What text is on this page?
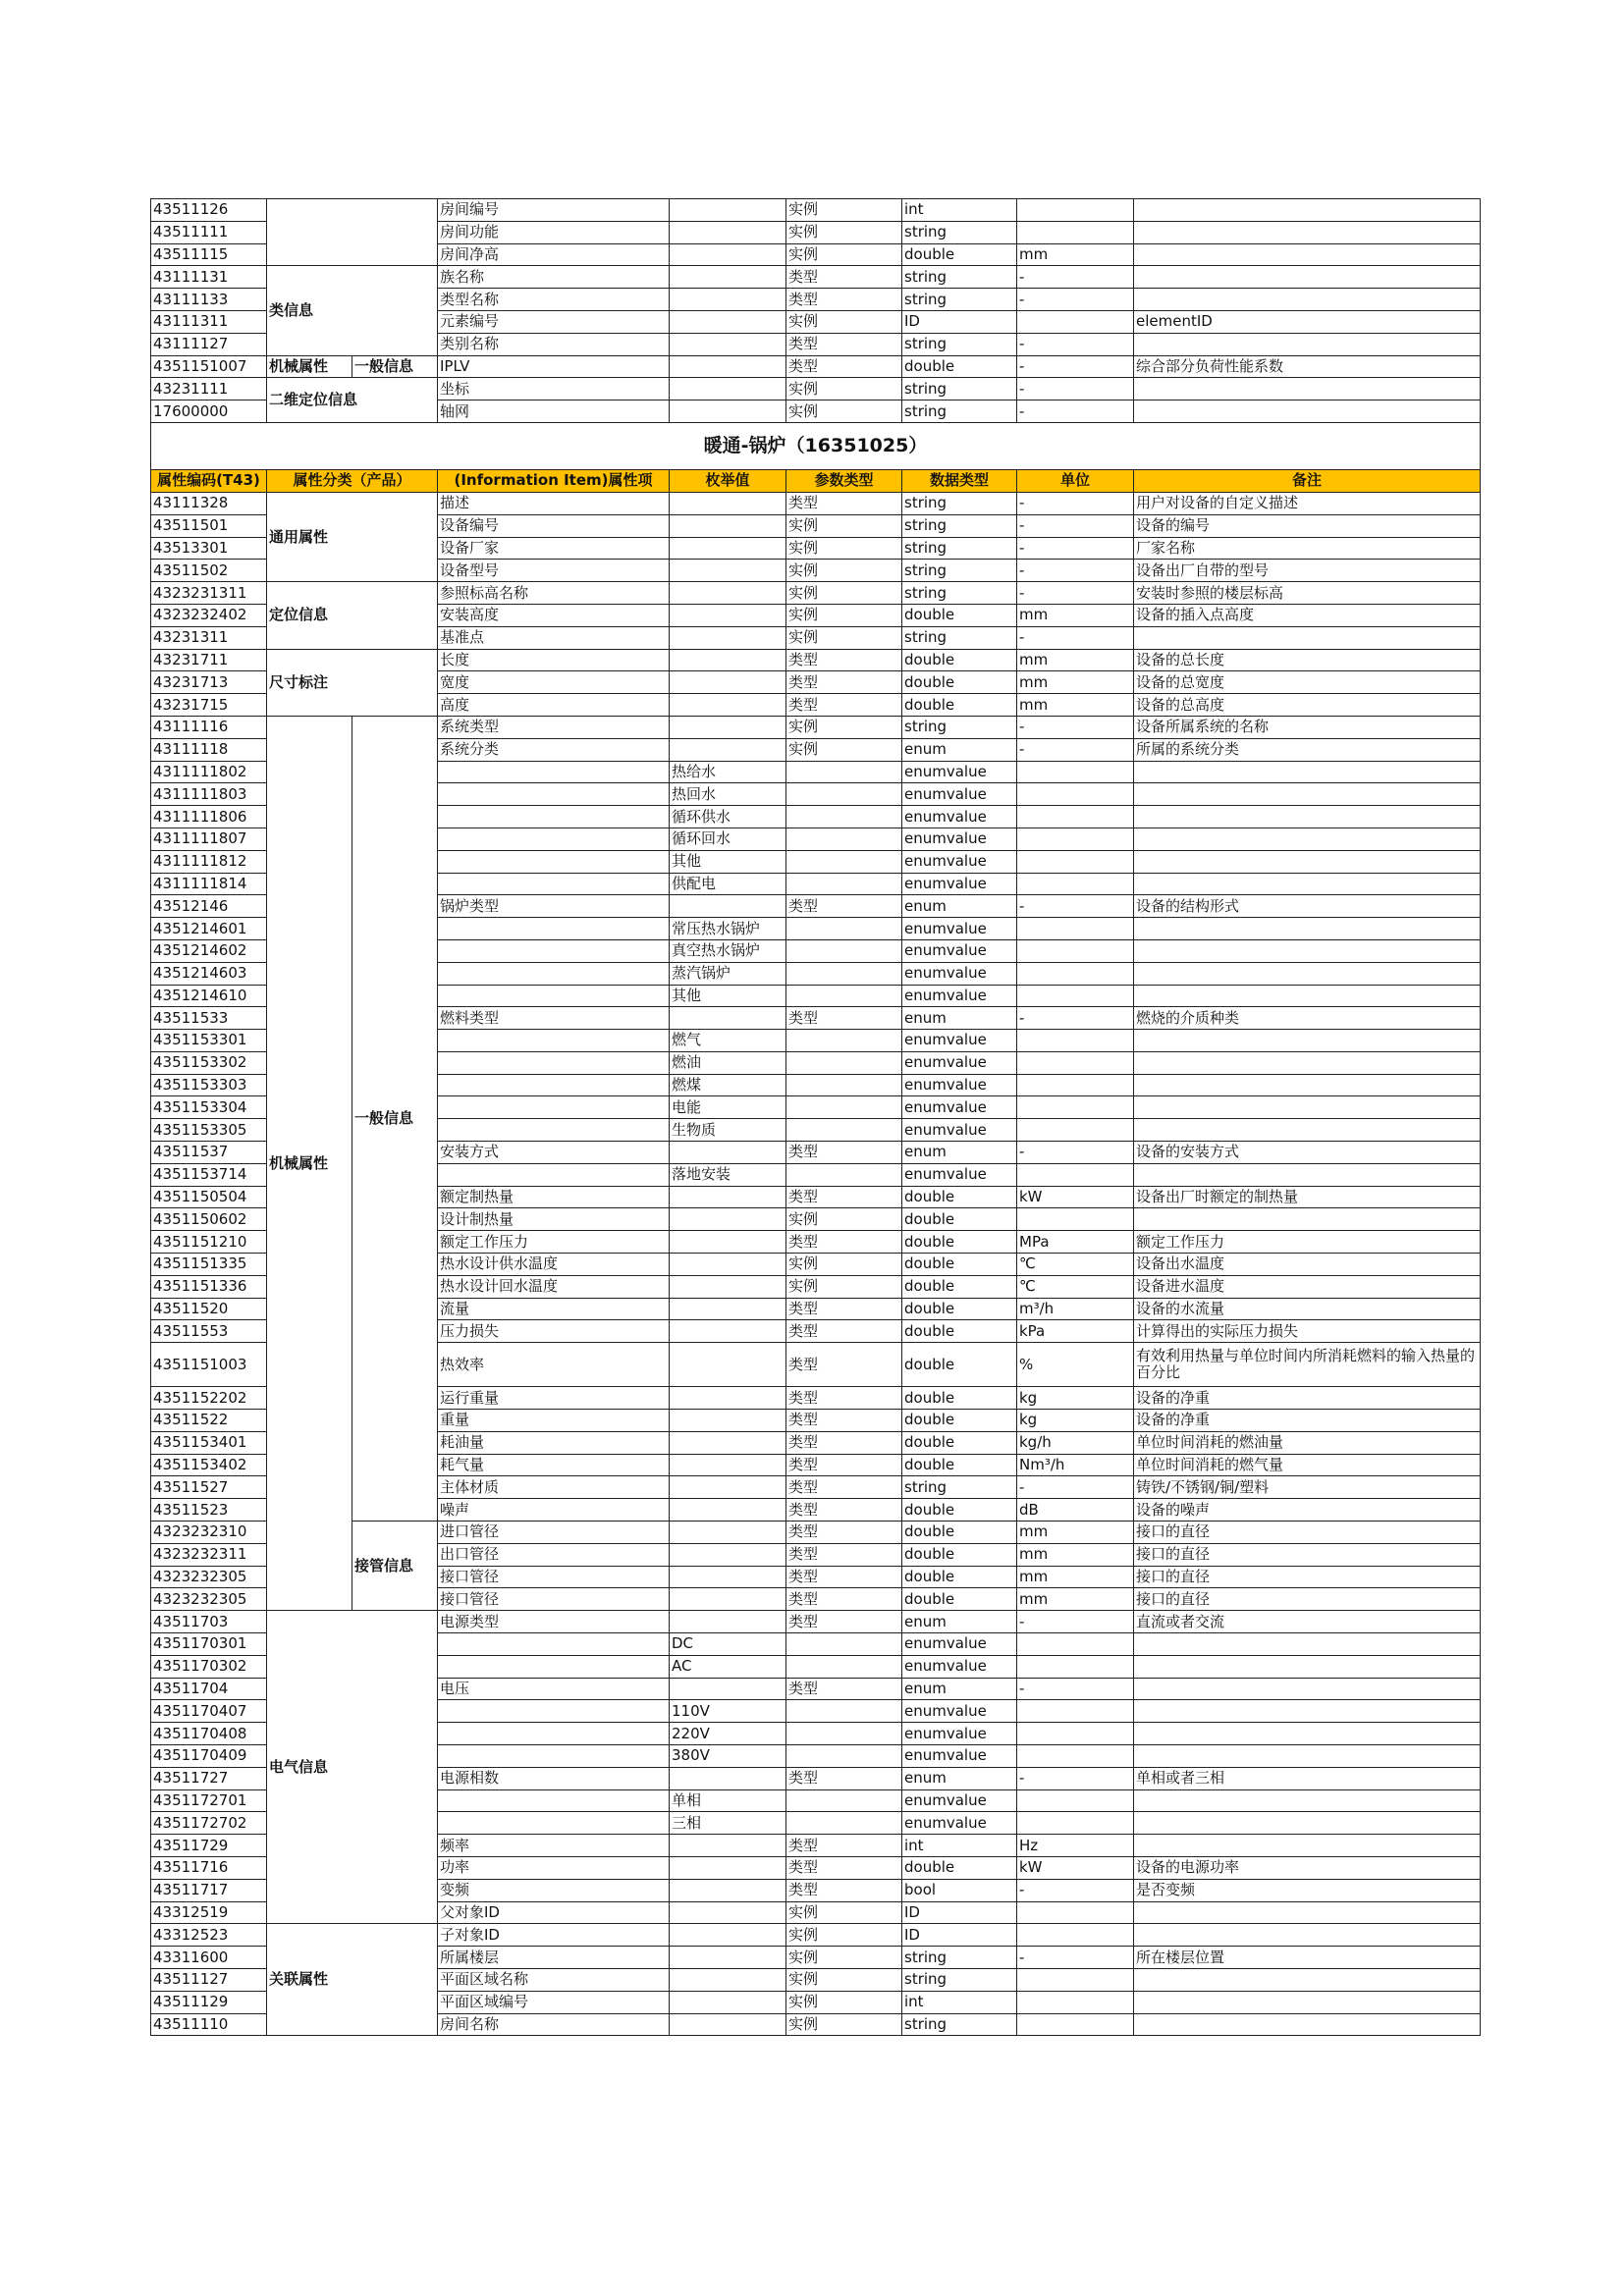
43511126			房间编号		实例	int		
43511111			房间功能		实例	string		
43511115			房间净高		实例	double	mm	
43111131	类信息		族名称		类型	string	-	
43111133			类型名称		类型	string	-	
43111311			元素编号		实例	ID		elementID
43111127			类别名称		类型	string	-	
4351151007	机械属性	一般信息	IPLV		类型	double	-	综合部分负荷性能系数
43231111	二维定位信息		坐标		实例	string	-	
17600000			轴网		实例	string	-	
暖通-锅炉（16351025）								
属性编码(T43)	属性分类（产品）		(Information Item)属性项	枚举值	参数类型	数据类型	单位	备注
43111328	通用属性		描述		类型	string	-	用户对设备的自定义描述
43511501			设备编号		实例	string	-	设备的编号
43513301			设备厂家		实例	string	-	厂家名称
43511502			设备型号		实例	string	-	设备出厂自带的型号
4323231311	定位信息		参照标高名称		实例	string	-	安装时参照的楼层标高
4323232402			安装高度		实例	double	mm	设备的插入点高度
43231311			基准点		实例	string	-	
43231711	尺寸标注		长度		类型	double	mm	设备的总长度
43231713			宽度		类型	double	mm	设备的总宽度
43231715			高度		类型	double	mm	设备的总高度
43111116	机械属性	一般信息	系统类型		实例	string	-	设备所属系统的名称
43111118			系统分类		实例	enum	-	所属的系统分类
4311111802				热给水		enumvalue		
4311111803				热回水		enumvalue		
4311111806				循环供水		enumvalue		
4311111807				循环回水		enumvalue		
4311111812				其他		enumvalue		
4311111814				供配电		enumvalue		
43512146			锅炉类型		类型	enum	-	设备的结构形式
4351214601				常压热水锅炉		enumvalue		
4351214602				真空热水锅炉		enumvalue		
4351214603				蒸汽锅炉		enumvalue		
4351214610				其他		enumvalue		
43511533			燃料类型		类型	enum	-	燃烧的介质种类
4351153301				燃气		enumvalue		
4351153302				燃油		enumvalue		
4351153303				燃煤		enumvalue		
4351153304				电能		enumvalue		
4351153305				生物质		enumvalue		
43511537			安装方式		类型	enum	-	设备的安装方式
4351153714				落地安装		enumvalue		
4351150504			额定制热量		类型	double	kW	设备出厂时额定的制热量
4351150602			设计制热量		实例	double		
4351151210			额定工作压力		类型	double	MPa	额定工作压力
4351151335			热水设计供水温度		实例	double	℃	设备出水温度
4351151336			热水设计回水温度		实例	double	℃	设备进水温度
43511520			流量		类型	double	m³/h	设备的水流量
43511553			压力损失		类型	double	kPa	计算得出的实际压力损失
4351151003			热效率		类型	double	%	有效利用热量与单位时间内所消耗燃料的输入热量的百分比
4351152202			运行重量		类型	double	kg	设备的净重
43511522			重量		类型	double	kg	设备的净重
4351153401			耗油量		类型	double	kg/h	单位时间消耗的燃油量
4351153402			耗气量		类型	double	Nm³/h	单位时间消耗的燃气量
43511527			主体材质		类型	string	-	铸铁/不锈钢/铜/塑料
43511523			噪声		类型	double	dB	设备的噪声
4323232310		接管信息	进口管径		类型	double	mm	接口的直径
4323232311			出口管径		类型	double	mm	接口的直径
4323232305			接口管径		类型	double	mm	接口的直径
4323232305			接口管径		类型	double	mm	接口的直径
43511703	电气信息		电源类型		类型	enum	-	直流或者交流
4351170301				DC		enumvalue		
4351170302				AC		enumvalue		
43511704			电压		类型	enum	-	
4351170407				110V		enumvalue		
4351170408				220V		enumvalue		
4351170409				380V		enumvalue		
43511727			电源相数		类型	enum	-	单相或者三相
4351172701				单相		enumvalue		
4351172702				三相		enumvalue		
43511729			频率		类型	int	Hz	
43511716			功率		类型	double	kW	设备的电源功率
43511717			变频		类型	bool	-	是否变频
43312519			父对象ID		实例	ID		
43312523	关联属性		子对象ID		实例	ID		
43311600			所属楼层		实例	string	-	所在楼层位置
43511127			平面区域名称		实例	string		
43511129			平面区域编号		实例	int		
43511110			房间名称		实例	string		
